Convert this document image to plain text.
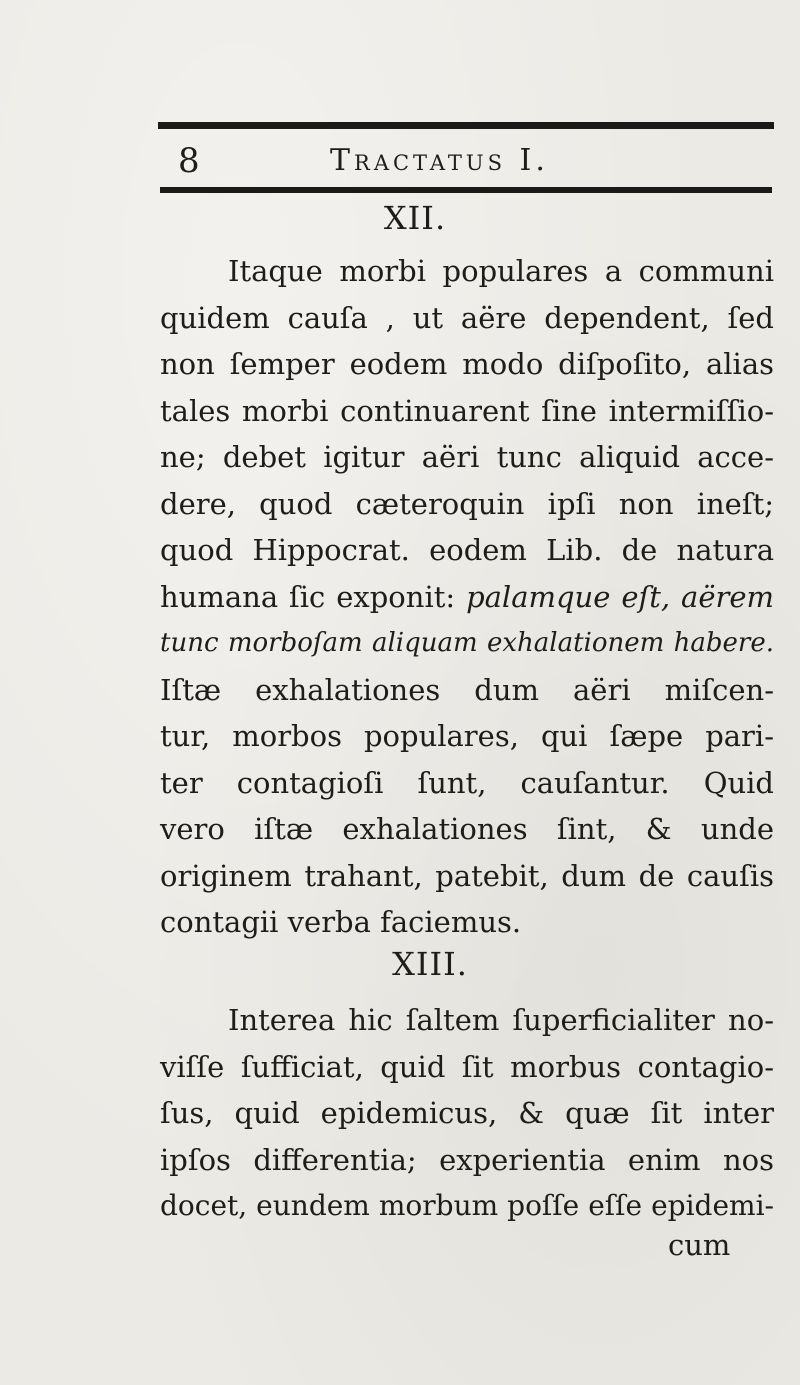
8	Tractatus I.
XII.
Itaque morbi populares a communi
quidem cauſa , ut aëre dependent, ſed
non ſemper eodem modo diſpoſito, alias
tales morbi continuarent ſine intermiſſio-
ne; debet igitur aëri tunc aliquid acce-
dere, quod cæteroquin ipſi non ineſt;
quod Hippocrat. eodem Lib. de natura
humana ſic exponit: palamque eſt, aërem
tunc morboſam aliquam exhalationem habere.
Iſtæ exhalationes dum aëri miſcen-
tur, morbos populares, qui ſæpe pari-
ter contagioſi ſunt, cauſantur. Quid
vero iſtæ exhalationes ſint, & unde
originem trahant, patebit, dum de cauſis
contagii verba faciemus.
XIII.
Interea hic ſaltem ſuperficialiter no-
viſſe ſufficiat, quid ſit morbus contagio-
ſus, quid epidemicus, & quæ ſit inter
ipſos differentia; experientia enim nos
docet, eundem morbum poſſe eſſe epidemi-
cum
